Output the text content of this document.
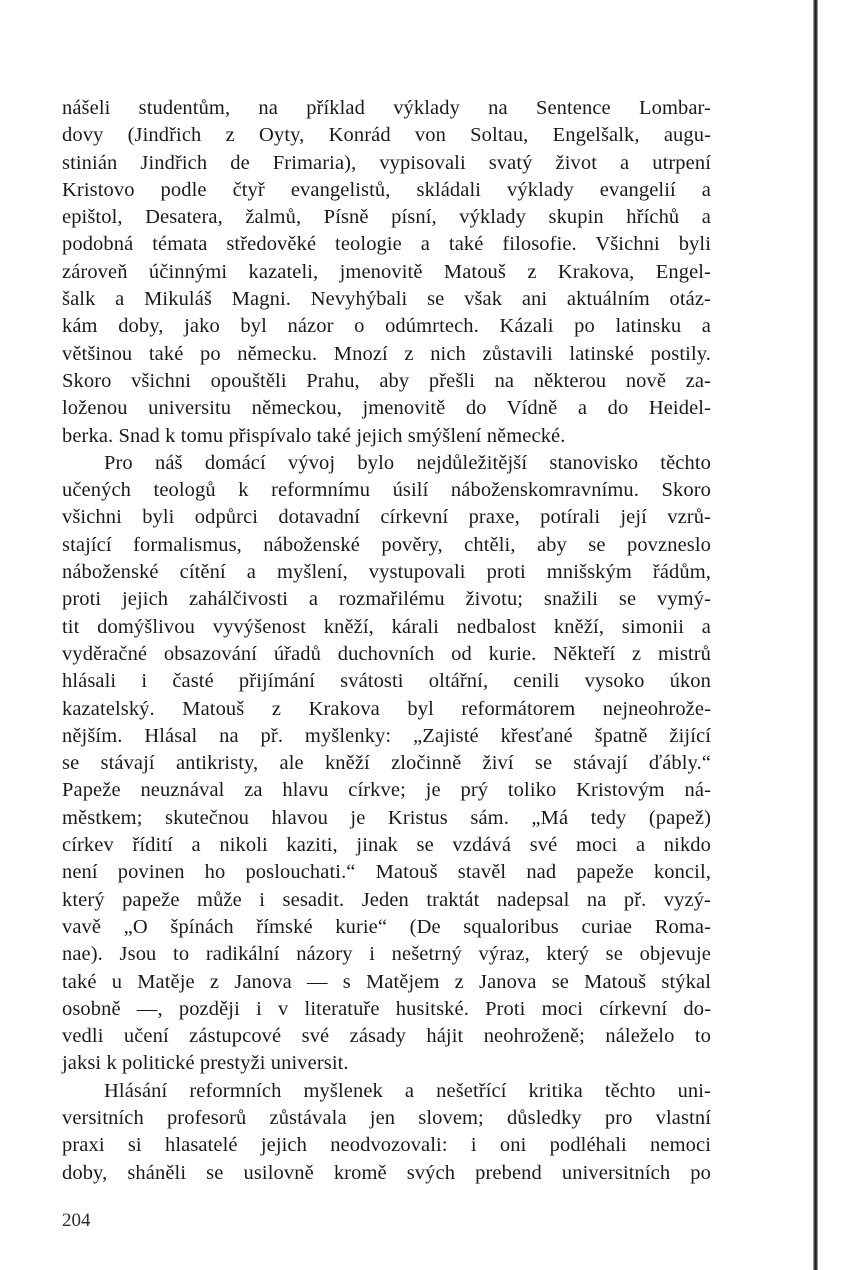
nášeli studentům, na příklad výklady na Sentence Lombar-
dovy (Jindřich z Oyty, Konrád von Soltau, Engelšalk, augu-
stinián Jindřich de Frimaria), vypisovali svatý život a utrpení
Kristovo podle čtyř evangelistů, skládali výklady evangelií a
epištol, Desatera, žalmů, Písně písní, výklady skupin hříchů a
podobná témata středověké teologie a také filosofie. Všichni byli
zároveň účinnými kazateli, jmenovitě Matouš z Krakova, Engel-
šalk a Mikuláš Magni. Nevyhýbali se však ani aktuálním otáz-
kám doby, jako byl názor o odúmrtech. Kázali po latinsku a
většinou také po německu. Mnozí z nich zůstavili latinské postily.
Skoro všichni opouštěli Prahu, aby přešli na některou nově za-
loženou universitu německou, jmenovitě do Vídně a do Heidel-
berka. Snad k tomu přispívalo také jejich smýšlení německé.
Pro náš domácí vývoj bylo nejdůležitější stanovisko těchto
učených teologů k reformnímu úsilí náboženskomravnímu. Skoro
všichni byli odpůrci dotavadní církevní praxe, potírali její vzrů-
stající formalismus, náboženské pověry, chtěli, aby se povzneslo
náboženské cítění a myšlení, vystupovali proti mnišským řádům,
proti jejich zahálčivosti a rozmařilému životu; snažili se vymý-
tit domýšlivou vyvýšenost kněží, kárali nedbalost kněží, simonii a
vyděračné obsazování úřadů duchovních od kurie. Někteří z mistrů
hlásali i časté přijímání svátosti oltářní, cenili vysoko úkon
kazatelský. Matouš z Krakova byl reformátorem nejneohrože-
nějším. Hlásal na př. myšlenky: „Zajisté křesťané špatně žijící
se stávají antikristy, ale kněží zločinně živí se stávají ďábly.“
Papeže neuznával za hlavu církve; je prý toliko Kristovým ná-
městkem; skutečnou hlavou je Kristus sám. „Má tedy (papež)
církev řídití a nikoli kaziti, jinak se vzdává své moci a nikdo
není povinen ho poslouchati.“ Matouš stavěl nad papeže koncil,
který papeže může i sesadit. Jeden traktát nadepsal na př. vyzý-
vavě „O špínách římské kurie“ (De squaloribus curiae Roma-
nae). Jsou to radikální názory i nešetrný výraz, který se objevuje
také u Matěje z Janova — s Matějem z Janova se Matouš stýkal
osobně —, později i v literatuře husitské. Proti moci církevní do-
vedli učení zástupcové své zásady hájit neohroženě; náleželo to
jaksi k politické prestyži universit.
Hlásání reformních myšlenek a nešetřící kritika těchto uni-
versitních profesorů zůstávala jen slovem; důsledky pro vlastní
praxi si hlasatelé jejich neodvozovali: i oni podléhali nemoci
doby, sháněli se usilovně kromě svých prebend universitních po
204
